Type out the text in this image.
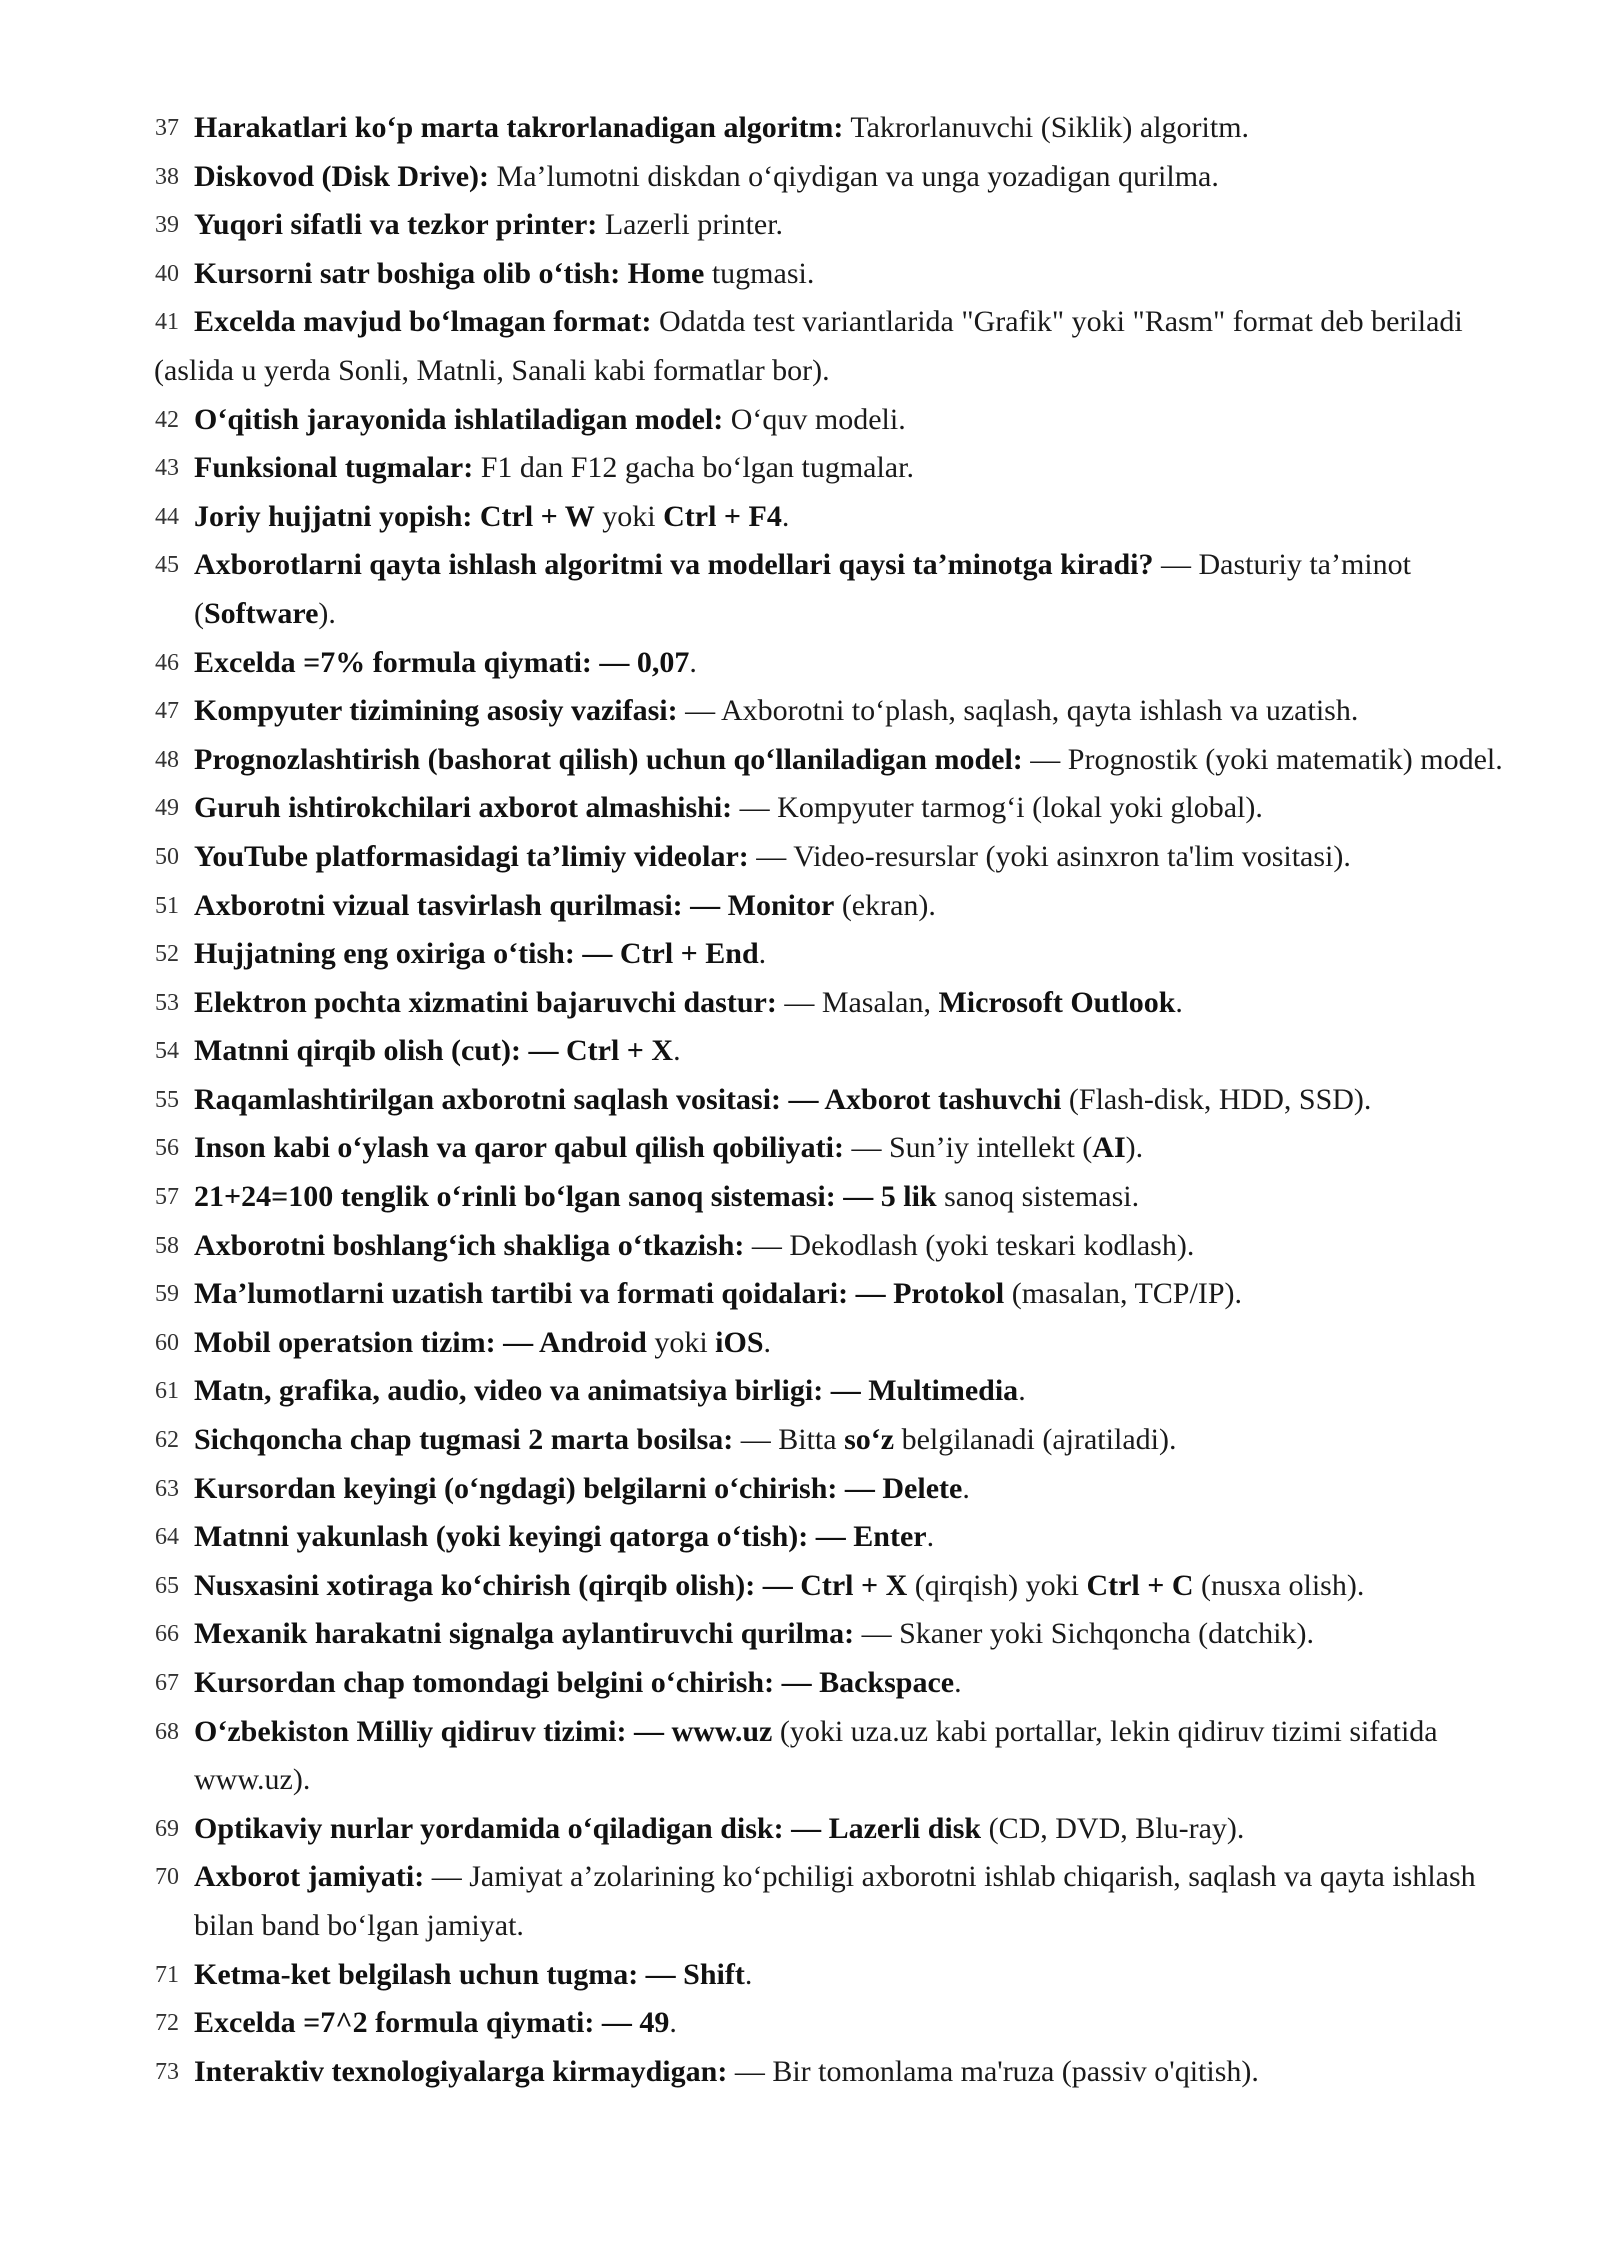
37 Harakatlari ko‘p marta takrorlanadigan algoritm: Takrorlanuvchi (Siklik) algoritm.

38 Diskovod (Disk Drive): Ma’lumotni diskdan o‘qiydigan va unga yozadigan qurilma.

39 Yuqori sifatli va tezkor printer: Lazerli printer.

40 Kursorni satr boshiga olib o‘tish: Home tugmasi.

41 Excelda mavjud bo‘lmagan format: Odatda test variantlarida "Grafik" yoki "Rasm" format deb beriladi (aslida u yerda Sonli, Matnli, Sanali kabi formatlar bor).

42 O‘qitish jarayonida ishlatiladigan model: O‘quv modeli.

43 Funksional tugmalar: F1 dan F12 gacha bo‘lgan tugmalar.

44 Joriy hujjatni yopish: Ctrl + W yoki Ctrl + F4.

45 Axborotlarni qayta ishlash algoritmi va modellari qaysi ta’minotga kiradi? — Dasturiy ta’minot (Software).

46 Excelda =7% formula qiymati: — 0,07.

47 Kompyuter tizimining asosiy vazifasi: — Axborotni to‘plash, saqlash, qayta ishlash va uzatish.

48 Prognozlashtirish (bashorat qilish) uchun qo‘llaniladigan model: — Prognostik (yoki matematik) model.

49 Guruh ishtirokchilari axborot almashishi: — Kompyuter tarmog‘i (lokal yoki global).

50 YouTube platformasidagi ta’limiy videolar: — Video-resurslar (yoki asinxron ta'lim vositasi).

51 Axborotni vizual tasvirlash qurilmasi: — Monitor (ekran).

52 Hujjatning eng oxiriga o‘tish: — Ctrl + End.

53 Elektron pochta xizmatini bajaruvchi dastur: — Masalan, Microsoft Outlook.

54 Matnni qirqib olish (cut): — Ctrl + X.

55 Raqamlashtirilgan axborotni saqlash vositasi: — Axborot tashuvchi (Flash-disk, HDD, SSD).

56 Inson kabi o‘ylash va qaror qabul qilish qobiliyati: — Sun’iy intellekt (AI).

57 21+24=100 tenglik o‘rinli bo‘lgan sanoq sistemasi: — 5 lik sanoq sistemasi.

58 Axborotni boshlang‘ich shakliga o‘tkazish: — Dekodlash (yoki teskari kodlash).

59 Ma’lumotlarni uzatish tartibi va formati qoidalari: — Protokol (masalan, TCP/IP).

60 Mobil operatsion tizim: — Android yoki iOS.

61 Matn, grafika, audio, video va animatsiya birligi: — Multimedia.

62 Sichqoncha chap tugmasi 2 marta bosilsa: — Bitta so‘z belgilanadi (ajratiladi).

63 Kursordan keyingi (o‘ngdagi) belgilarni o‘chirish: — Delete.

64 Matnni yakunlash (yoki keyingi qatorga o‘tish): — Enter.

65 Nusxasini xotiraga ko‘chirish (qirqib olish): — Ctrl + X (qirqish) yoki Ctrl + C (nusxa olish).

66 Mexanik harakatni signalga aylantiruvchi qurilma: — Skaner yoki Sichqoncha (datchik).

67 Kursordan chap tomondagi belgini o‘chirish: — Backspace.

68 O‘zbekiston Milliy qidiruv tizimi: — www.uz (yoki uza.uz kabi portallar, lekin qidiruv tizimi sifatida www.uz).

69 Optikaviy nurlar yordamida o‘qiladigan disk: — Lazerli disk (CD, DVD, Blu-ray).

70 Axborot jamiyati: — Jamiyat a’zolarining ko‘pchiligi axborotni ishlab chiqarish, saqlash va qayta ishlash bilan band bo‘lgan jamiyat.

71 Ketma-ket belgilash uchun tugma: — Shift.

72 Excelda =7^2 formula qiymati: — 49.

73 Interaktiv texnologiyalarga kirmaydigan: — Bir tomonlama ma'ruza (passiv o'qitish).
